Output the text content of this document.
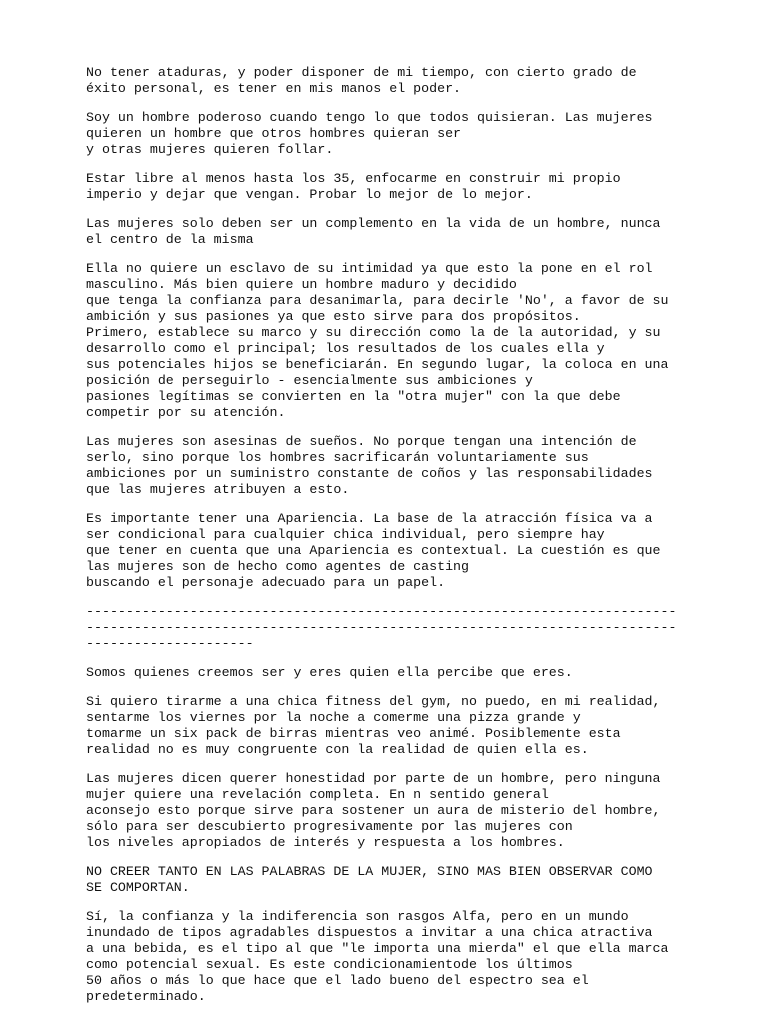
No tener ataduras, y poder disponer de mi tiempo, con cierto grado de
éxito personal, es tener en mis manos el poder.
Soy un hombre poderoso cuando tengo lo que todos quisieran. Las mujeres
quieren un hombre que otros hombres quieran ser
y otras mujeres quieren follar.
Estar libre al menos hasta los 35, enfocarme en construir mi propio
imperio y dejar que vengan. Probar lo mejor de lo mejor.
Las mujeres solo deben ser un complemento en la vida de un hombre, nunca
el centro de la misma
Ella no quiere un esclavo de su intimidad ya que esto la pone en el rol
masculino. Más bien quiere un hombre maduro y decidido
que tenga la confianza para desanimarla, para decirle 'No', a favor de su
ambición y sus pasiones ya que esto sirve para dos propósitos.
Primero, establece su marco y su dirección como la de la autoridad, y su
desarrollo como el principal; los resultados de los cuales ella y
sus potenciales hijos se beneficiarán. En segundo lugar, la coloca en una
posición de perseguirlo - esencialmente sus ambiciones y
pasiones legítimas se convierten en la "otra mujer" con la que debe
competir por su atención.
Las mujeres son asesinas de sueños. No porque tengan una intención de
serlo, sino porque los hombres sacrificarán voluntariamente sus
ambiciones por un suministro constante de coños y las responsabilidades
que las mujeres atribuyen a esto.
Es importante tener una Apariencia. La base de la atracción física va a
ser condicional para cualquier chica individual, pero siempre hay
que tener en cuenta que una Apariencia es contextual. La cuestión es que
las mujeres son de hecho como agentes de casting
buscando el personaje adecuado para un papel.
--------------------------------------------------------------------------
--------------------------------------------------------------------------
---------------------
Somos quienes creemos ser y eres quien ella percibe que eres.
Si quiero tirarme a una chica fitness del gym, no puedo, en mi realidad,
sentarme los viernes por la noche a comerme una pizza grande y
tomarme un six pack de birras mientras veo animé. Posiblemente esta
realidad no es muy congruente con la realidad de quien ella es.
Las mujeres dicen querer honestidad por parte de un hombre, pero ninguna
mujer quiere una revelación completa. En n sentido general
aconsejo esto porque sirve para sostener un aura de misterio del hombre,
sólo para ser descubierto progresivamente por las mujeres con
los niveles apropiados de interés y respuesta a los hombres.
NO CREER TANTO EN LAS PALABRAS DE LA MUJER, SINO MAS BIEN OBSERVAR COMO
SE COMPORTAN.
Sí, la confianza y la indiferencia son rasgos Alfa, pero en un mundo
inundado de tipos agradables dispuestos a invitar a una chica atractiva
a una bebida, es el tipo al que "le importa una mierda" el que ella marca
como potencial sexual. Es este condicionamientode los últimos
50 años o más lo que hace que el lado bueno del espectro sea el
predeterminado.
